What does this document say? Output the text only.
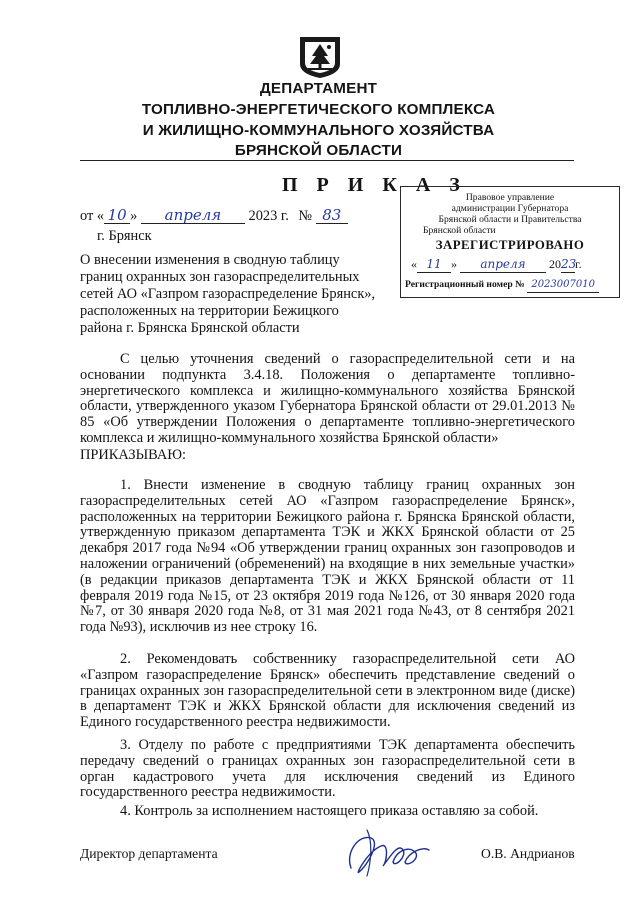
ДЕПАРТАМЕНТ
ТОПЛИВНО-ЭНЕРГЕТИЧЕСКОГО КОМПЛЕКСА
И ЖИЛИЩНО-КОММУНАЛЬНОГО ХОЗЯЙСТВА
БРЯНСКОЙ ОБЛАСТИ
П Р И К А З
от « 10 » апреля 2023 г. № 83
г. Брянск
Правовое управление
администрации Губернатора
Брянской области и Правительства
Брянской области
ЗАРЕГИСТРИРОВАНО
« 11 » апреля 2023г.
Регистрационный номер № 2023007010
О внесении изменения в сводную таблицу
границ охранных зон газораспределительных
сетей АО «Газпром газораспределение Брянск»,
расположенных на территории Бежицкого
района г. Брянска Брянской области
С целью уточнения сведений о газораспределительной сети и на основании подпункта 3.4.18. Положения о департаменте топливно-энергетического комплекса и жилищно-коммунального хозяйства Брянской области, утвержденного указом Губернатора Брянской области от 29.01.2013 № 85 «Об утверждении Положения о департаменте топливно-энергетического комплекса и жилищно-коммунального хозяйства Брянской области»
ПРИКАЗЫВАЮ:
1. Внести изменение в сводную таблицу границ охранных зон газораспределительных сетей АО «Газпром газораспределение Брянск», расположенных на территории Бежицкого района г. Брянска Брянской области, утвержденную приказом департамента ТЭК и ЖКХ Брянской области от 25 декабря 2017 года №94 «Об утверждении границ охранных зон газопроводов и наложении ограничений (обременений) на входящие в них земельные участки» (в редакции приказов департамента ТЭК и ЖКХ Брянской области от 11 февраля 2019 года №15, от 23 октября 2019 года №126, от 30 января 2020 года №7, от 30 января 2020 года №8, от 31 мая 2021 года №43, от 8 сентября 2021 года №93), исключив из нее строку 16.
2. Рекомендовать собственнику газораспределительной сети АО «Газпром газораспределение Брянск» обеспечить представление сведений о границах охранных зон газораспределительной сети в электронном виде (диске) в департамент ТЭК и ЖКХ Брянской области для исключения сведений из Единого государственного реестра недвижимости.
3. Отделу по работе с предприятиями ТЭК департамента обеспечить передачу сведений о границах охранных зон газораспределительной сети в орган кадастрового учета для исключения сведений из Единого государственного реестра недвижимости.
4. Контроль за исполнением настоящего приказа оставляю за собой.
Директор департамента	О.В. Андрианов
